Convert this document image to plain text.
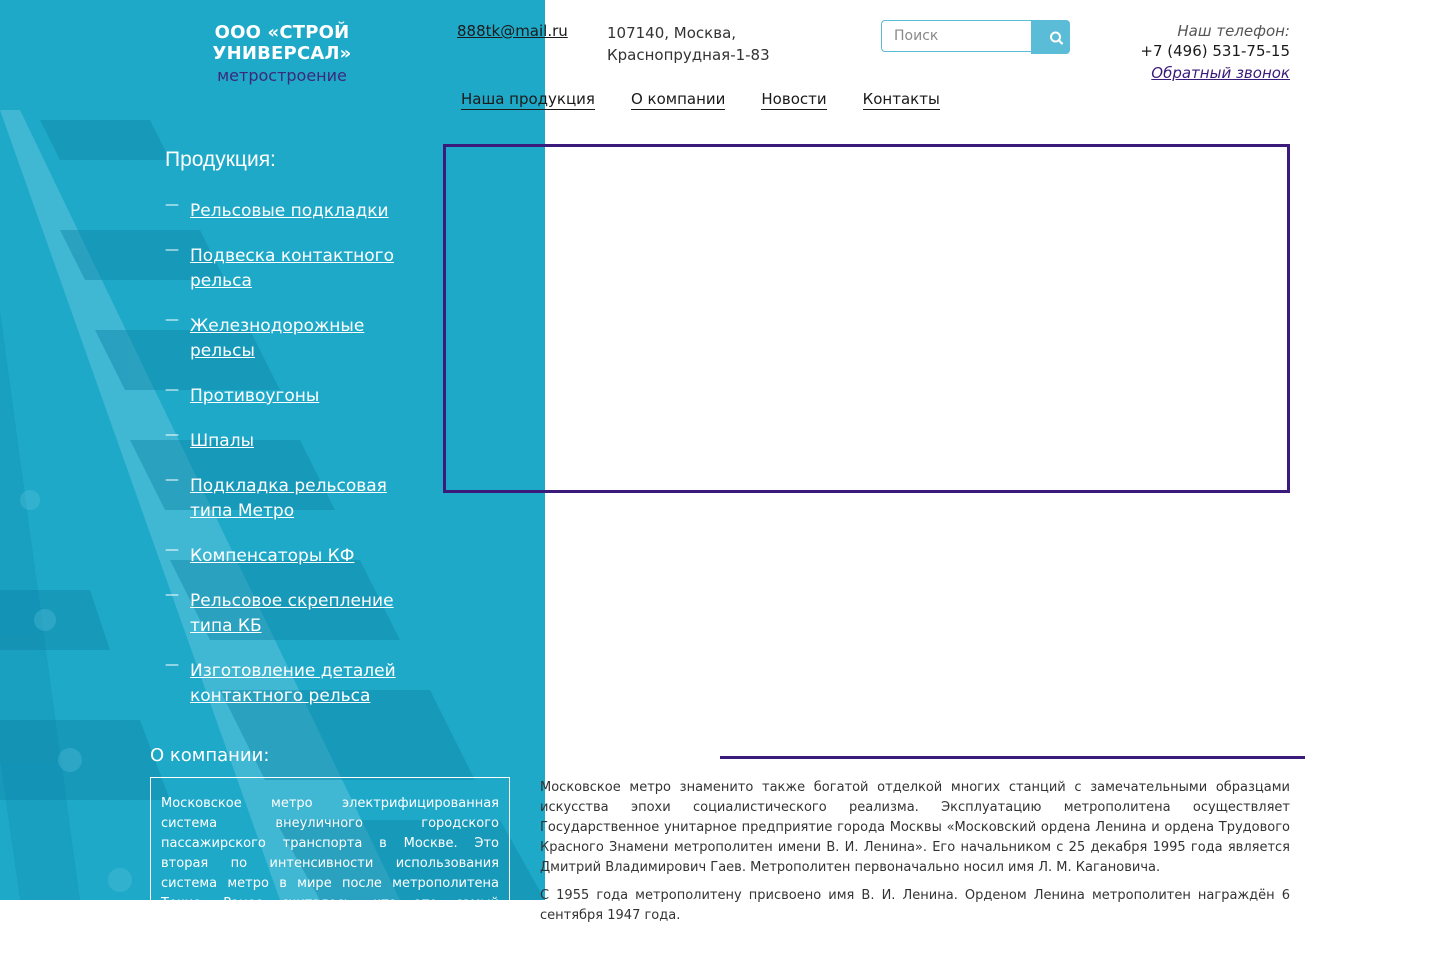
ООО «СТРОЙ УНИВЕРСАЛ»
метростроение
888tk@mail.ru	107140, Москва,
Краснопрудная-1-83
Поиск
Наш телефон:
+7 (496) 531-75-15
Обратный звонок
Наша продукция О компании Новости Контакты
Продукция:
— Рельсовые подкладки
— Подвеска контактного рельса
— Железнодорожные рельсы
— Противоугоны
— Шпалы
— Подкладка рельсовая типа Метро
— Компенсаторы КФ
— Рельсовое скрепление типа КБ
— Изготовление деталей контактного рельса
О компании:
Московское метро электрифицированная система внеуличного городского пассажирского транспорта в Москве. Это вторая по интенсивности использования система метро в мире после метрополитена Токио. Ранее считалось, что это самый интенсивно используемый метрополитен в мире.

Московское метро знаменито также богатой отделкой многих станций с замечательными образцами искусства эпохи социалистического реализма. Эксплуатацию метрополитена осуществляет Государственное унитарное предприятие города Москвы «Московский ордена Ленина и ордена Трудового Красного Знамени метрополитен имени В. И. Ленина». Его начальником с 25 декабря 1995 года является Дмитрий Владимирович Гаев. Метрополитен первоначально носил имя Л. М. Кагановича.

С 1955 года метрополитену присвоено имя В. И. Ленина. Орденом Ленина метрополитен награждён 6 сентября 1947 года.
